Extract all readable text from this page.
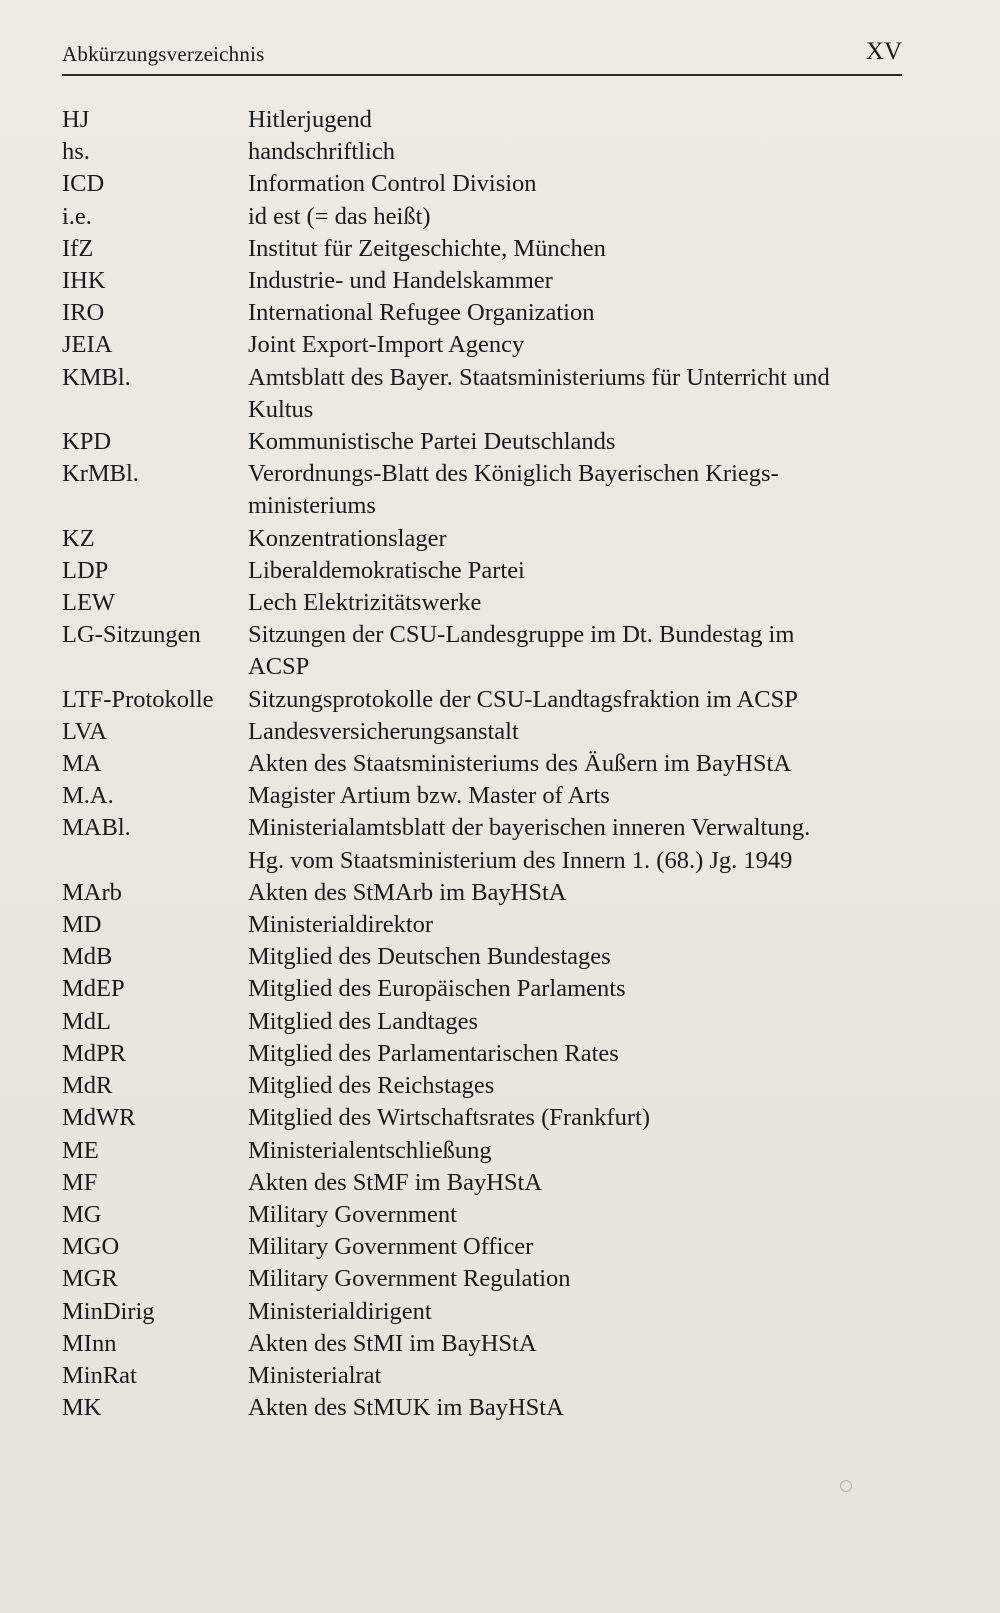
Abkürzungsverzeichnis	XV
HJ	Hitlerjugend
hs.	handschriftlich
ICD	Information Control Division
i.e.	id est (= das heißt)
IfZ	Institut für Zeitgeschichte, München
IHK	Industrie- und Handelskammer
IRO	International Refugee Organization
JEIA	Joint Export-Import Agency
KMBl.	Amtsblatt des Bayer. Staatsministeriums für Unterricht und
Kultus
KPD	Kommunistische Partei Deutschlands
KrMBl.	Verordnungs-Blatt des Königlich Bayerischen Kriegs-
ministeriums
KZ	Konzentrationslager
LDP	Liberaldemokratische Partei
LEW	Lech Elektrizitätswerke
LG-Sitzungen	Sitzungen der CSU-Landesgruppe im Dt. Bundestag im
ACSP
LTF-Protokolle	Sitzungsprotokolle der CSU-Landtagsfraktion im ACSP
LVA	Landesversicherungsanstalt
MA	Akten des Staatsministeriums des Äußern im BayHStA
M.A.	Magister Artium bzw. Master of Arts
MABl.	Ministerialamtsblatt der bayerischen inneren Verwaltung.
Hg. vom Staatsministerium des Innern 1. (68.) Jg. 1949
MArb	Akten des StMArb im BayHStA
MD	Ministerialdirektor
MdB	Mitglied des Deutschen Bundestages
MdEP	Mitglied des Europäischen Parlaments
MdL	Mitglied des Landtages
MdPR	Mitglied des Parlamentarischen Rates
MdR	Mitglied des Reichstages
MdWR	Mitglied des Wirtschaftsrates (Frankfurt)
ME	Ministerialentschließung
MF	Akten des StMF im BayHStA
MG	Military Government
MGO	Military Government Officer
MGR	Military Government Regulation
MinDirig	Ministerialdirigent
MInn	Akten des StMI im BayHStA
MinRat	Ministerialrat
MK	Akten des StMUK im BayHStA
